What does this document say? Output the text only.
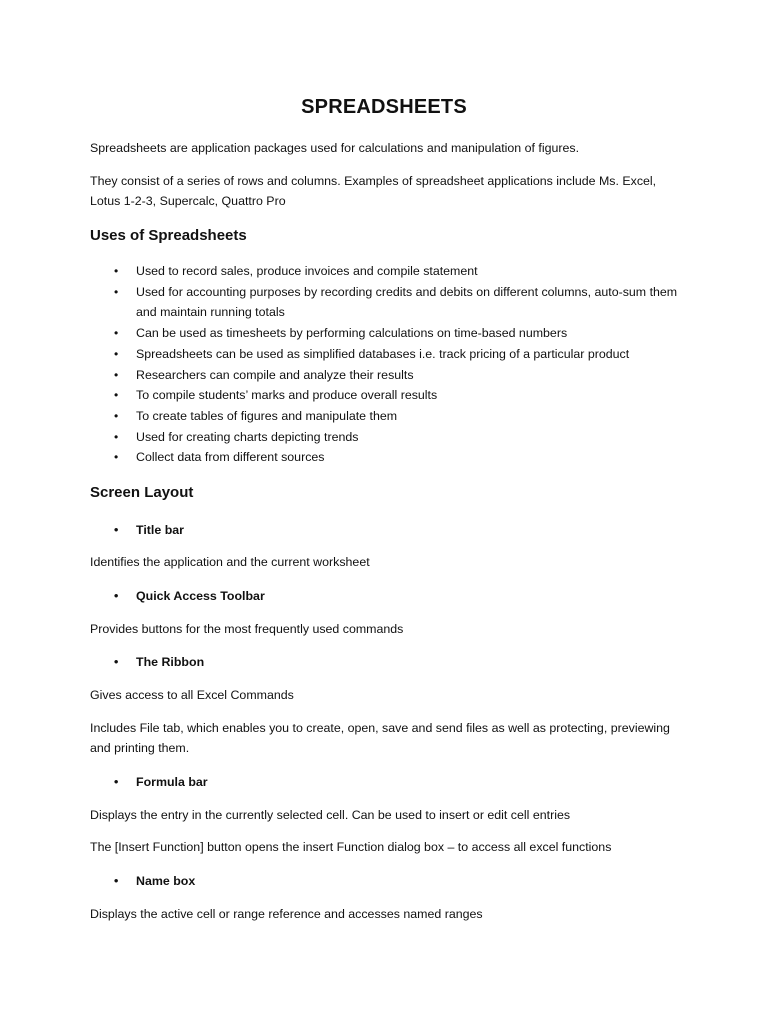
SPREADSHEETS

Spreadsheets are application packages used for calculations and manipulation of figures.

They consist of a series of rows and columns. Examples of spreadsheet applications include Ms. Excel, Lotus 1-2-3, Supercalc, Quattro Pro

Uses of Spreadsheets
• Used to record sales, produce invoices and compile statement
• Used for accounting purposes by recording credits and debits on different columns, auto-sum them and maintain running totals
• Can be used as timesheets by performing calculations on time-based numbers
• Spreadsheets can be used as simplified databases i.e. track pricing of a particular product
• Researchers can compile and analyze their results
• To compile students’ marks and produce overall results
• To create tables of figures and manipulate them
• Used for creating charts depicting trends
• Collect data from different sources
Screen Layout
• Title bar

Identifies the application and the current worksheet

• Quick Access Toolbar

Provides buttons for the most frequently used commands

• The Ribbon

Gives access to all Excel Commands

Includes File tab, which enables you to create, open, save and send files as well as protecting, previewing and printing them.

• Formula bar

Displays the entry in the currently selected cell. Can be used to insert or edit cell entries

The [Insert Function] button opens the insert Function dialog box – to access all excel functions

• Name box

Displays the active cell or range reference and accesses named ranges
